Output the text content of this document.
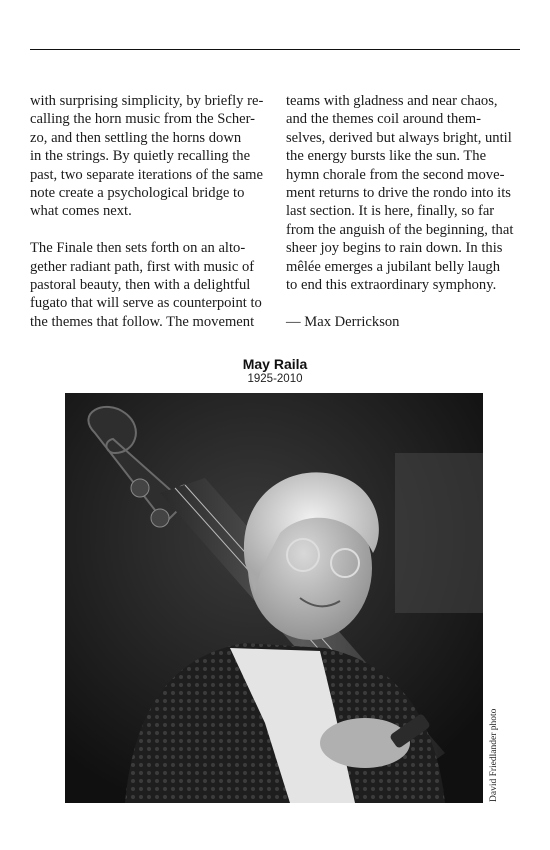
with surprising simplicity, by briefly re-
calling the horn music from the Scher-
zo, and then settling the horns down
in the strings. By quietly recalling the
past, two separate iterations of the same
note create a psychological bridge to
what comes next.

The Finale then sets forth on an alto-
gether radiant path, first with music of
pastoral beauty, then with a delightful
fugato that will serve as counterpoint to
the themes that follow. The movement

teams with gladness and near chaos,
and the themes coil around them-
selves, derived but always bright, until
the energy bursts like the sun. The
hymn chorale from the second move-
ment returns to drive the rondo into its
last section. It is here, finally, so far
from the anguish of the beginning, that
sheer joy begins to rain down. In this
mêlée emerges a jubilant belly laugh
to end this extraordinary symphony.

— Max Derrickson

May Raila
1925-2010
David Friedlander photo
